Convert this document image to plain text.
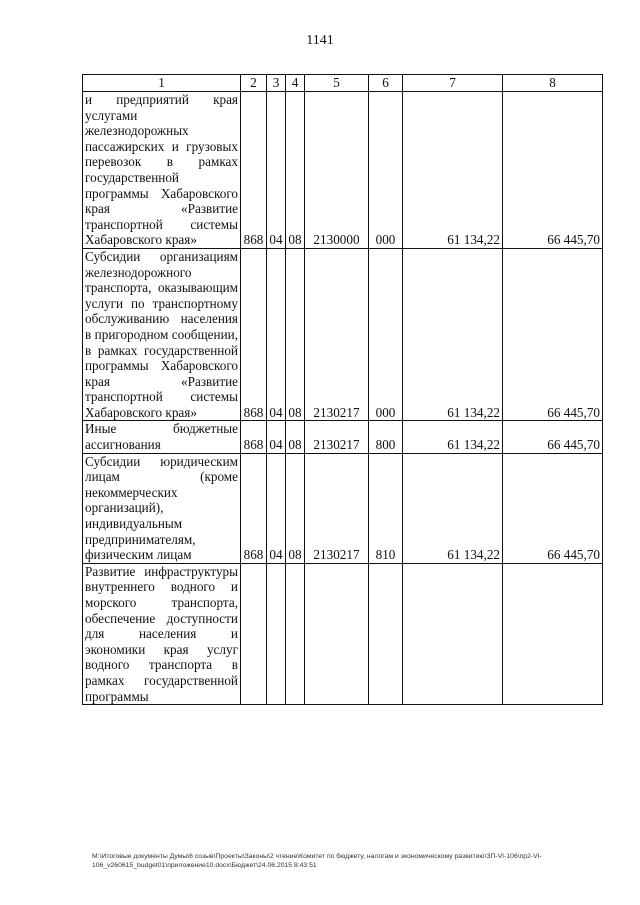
1141
1	2	3	4	5	6	7	8
и предприятий края услугами железнодорожных пассажирских и грузовых перевозок в рамках государственной программы Хабаровского края «Развитие транспортной системы Хабаровского края»	868	04	08	2130000	000	61 134,22	66 445,70
Субсидии организациям железнодорожного транспорта, оказывающим услуги по транспортному обслуживанию населения в пригородном сообщении, в рамках государственной программы Хабаровского края «Развитие транспортной системы Хабаровского края»	868	04	08	2130217	000	61 134,22	66 445,70
Иные бюджетные ассигнования	868	04	08	2130217	800	61 134,22	66 445,70
Субсидии юридическим лицам (кроме некоммерческих организаций), индивидуальным предпринимателям, физическим лицам	868	04	08	2130217	810	61 134,22	66 445,70
Развитие инфраструктуры внутреннего водного и морского транспорта, обеспечение доступности для населения и экономики края услуг водного транспорта в рамках государственной программы							
M:\Итоговые документы Думы\6 созыв\Проекты\Законы\2 чтение\Комитет по бюджету, налогам и экономическому развитию\ЗП-VI-106\пр2-VI-
106_v260615_budget01\приложение10.docx\Бюджет\24.06.2015 8:43:51
